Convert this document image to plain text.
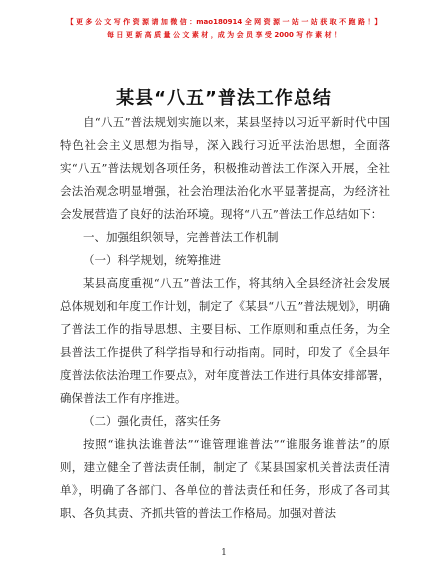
【 更 多 公 文 写 作 资 源 请 加 微 信 ：mao180914 全 网 资 源 一 站 一 站 获 取 不 跑 路 ！】
每 日 更 新 高 质 量 公 文 素 材 ，成 为 会 员 享 受 2000 写 作 素 材 ！
某县“八五”普法工作总结

自“八五”普法规划实施以来，某县坚持以习近平新时代中国特色社会主义思想为指导，深入践行习近平法治思想，全面落实“八五”普法规划各项任务，积极推动普法工作深入开展，全社会法治观念明显增强，社会治理法治化水平显著提高，为经济社会发展营造了良好的法治环境。现将“八五”普法工作总结如下：

一、加强组织领导，完善普法工作机制

（一）科学规划，统筹推进

某县高度重视“八五”普法工作，将其纳入全县经济社会发展总体规划和年度工作计划，制定了《某县“八五”普法规划》，明确了普法工作的指导思想、主要目标、工作原则和重点任务，为全县普法工作提供了科学指导和行动指南。同时，印发了《全县年度普法依法治理工作要点》，对年度普法工作进行具体安排部署，确保普法工作有序推进。

（二）强化责任，落实任务

按照“谁执法谁普法”“谁管理谁普法”“谁服务谁普法”的原则，建立健全了普法责任制，制定了《某县国家机关普法责任清单》，明确了各部门、各单位的普法责任和任务，形成了各司其职、各负其责、齐抓共管的普法工作格局。加强对普法

1
